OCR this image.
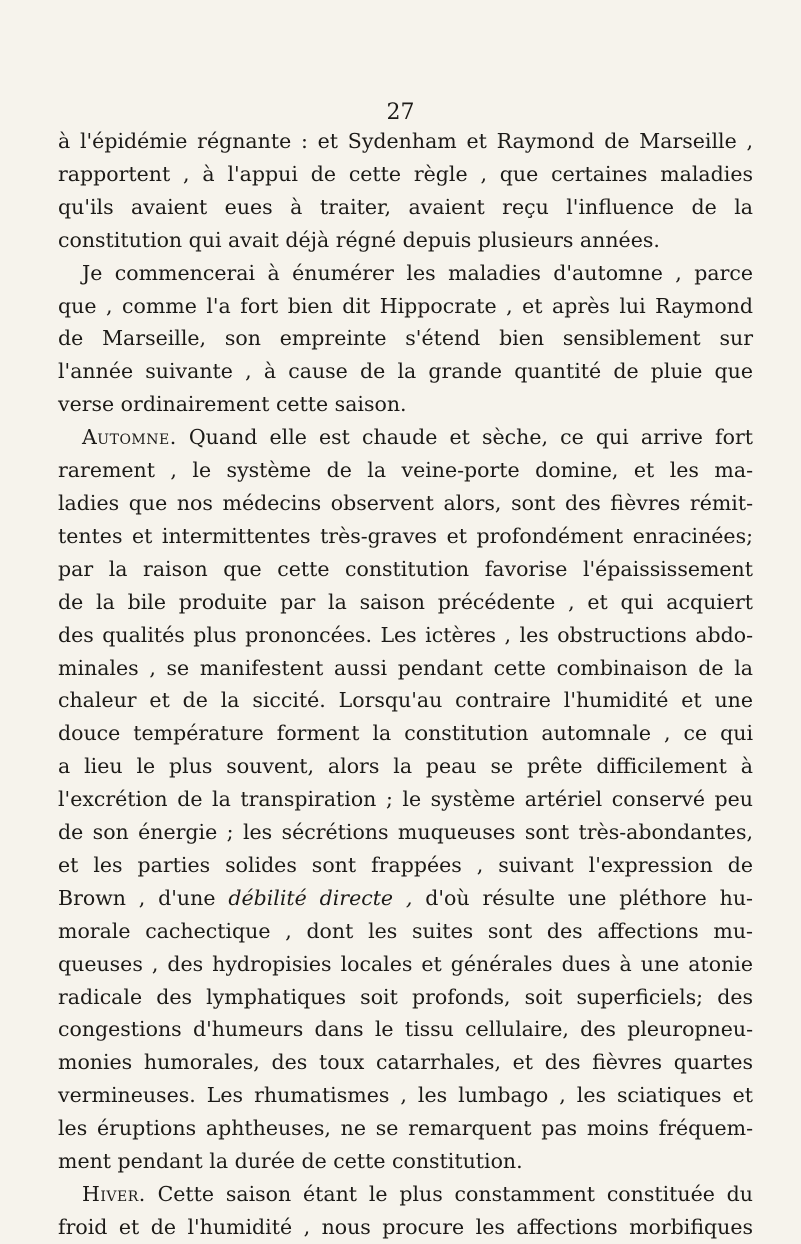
27
à l'épidémie régnante : et Sydenham et Raymond de Marseille ,
rapportent , à l'appui de cette règle , que certaines maladies
qu'ils avaient eues à traiter, avaient reçu l'influence de la
constitution qui avait déjà régné depuis plusieurs années.
Je commencerai à énumérer les maladies d'automne , parce
que , comme l'a fort bien dit Hippocrate , et après lui Raymond
de Marseille, son empreinte s'étend bien sensiblement sur
l'année suivante , à cause de la grande quantité de pluie que
verse ordinairement cette saison.
Automne. Quand elle est chaude et sèche, ce qui arrive fort
rarement , le système de la veine-porte domine, et les ma-
ladies que nos médecins observent alors, sont des fièvres rémit-
tentes et intermittentes très-graves et profondément enracinées;
par la raison que cette constitution favorise l'épaississement
de la bile produite par la saison précédente , et qui acquiert
des qualités plus prononcées. Les ictères , les obstructions abdo-
minales , se manifestent aussi pendant cette combinaison de la
chaleur et de la siccité. Lorsqu'au contraire l'humidité et une
douce température forment la constitution automnale , ce qui
a lieu le plus souvent, alors la peau se prête difficilement à
l'excrétion de la transpiration ; le système artériel conservé peu
de son énergie ; les sécrétions muqueuses sont très-abondantes,
et les parties solides sont frappées , suivant l'expression de
Brown , d'une débilité directe , d'où résulte une pléthore hu-
morale cachectique , dont les suites sont des affections mu-
queuses , des hydropisies locales et générales dues à une atonie
radicale des lymphatiques soit profonds, soit superficiels; des
congestions d'humeurs dans le tissu cellulaire, des pleuropneu-
monies humorales, des toux catarrhales, et des fièvres quartes
vermineuses. Les rhumatismes , les lumbago , les sciatiques et
les éruptions aphtheuses, ne se remarquent pas moins fréquem-
ment pendant la durée de cette constitution.
Hiver. Cette saison étant le plus constamment constituée du
froid et de l'humidité , nous procure les affections morbifiques
